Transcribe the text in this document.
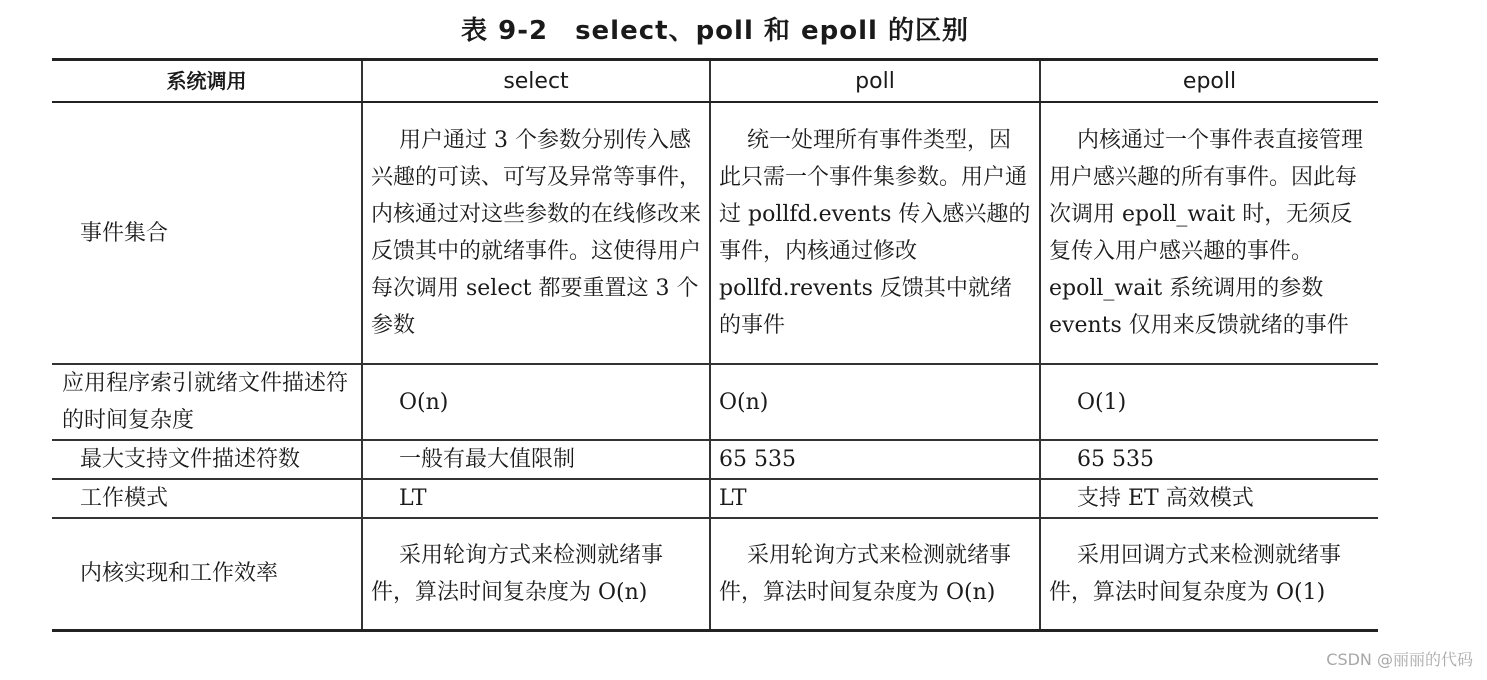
表 9-2　select、poll 和 epoll 的区别
系统调用	select	poll	epoll
事件集合	用户通过 3 个参数分别传入感兴趣的可读、可写及异常等事件，内核通过对这些参数的在线修改来反馈其中的就绪事件。这使得用户每次调用 select 都要重置这 3 个参数	统一处理所有事件类型，因此只需一个事件集参数。用户通过 pollfd.events 传入感兴趣的事件，内核通过修改 pollfd.revents 反馈其中就绪的事件	内核通过一个事件表直接管理用户感兴趣的所有事件。因此每次调用 epoll_wait 时，无须反复传入用户感兴趣的事件。epoll_wait 系统调用的参数 events 仅用来反馈就绪的事件
应用程序索引就绪文件描述符的时间复杂度	O(n)	O(n)	O(1)
最大支持文件描述符数	一般有最大值限制	65 535	65 535
工作模式	LT	LT	支持 ET 高效模式
内核实现和工作效率	采用轮询方式来检测就绪事件，算法时间复杂度为 O(n)	采用轮询方式来检测就绪事件，算法时间复杂度为 O(n)	采用回调方式来检测就绪事件，算法时间复杂度为 O(1)
CSDN @丽丽的代码
